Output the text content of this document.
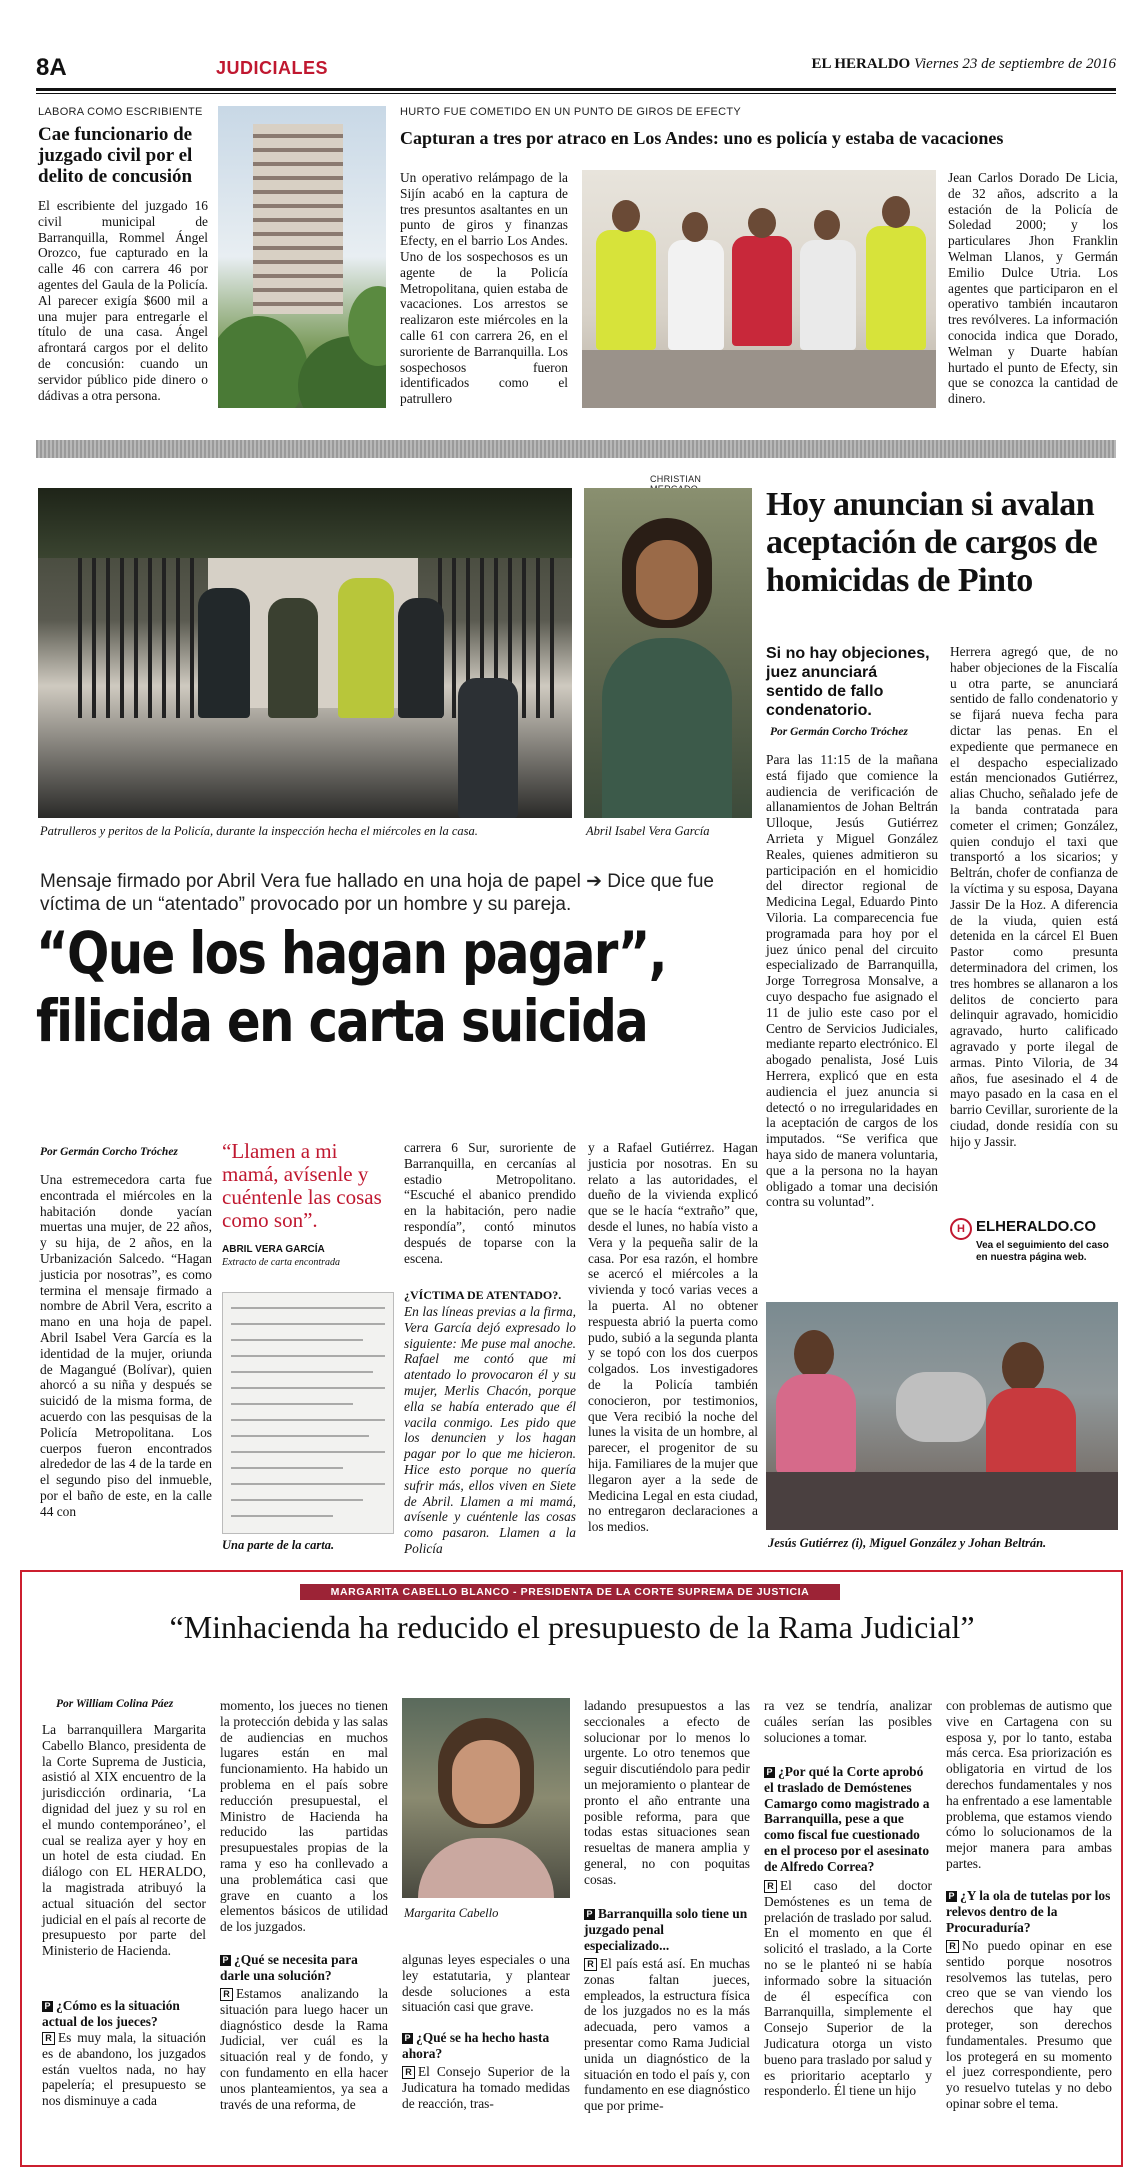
8A	JUDICIALES	EL HERALDO Viernes 23 de septiembre de 2016
LABORA COMO ESCRIBIENTE
Cae funcionario de juzgado civil por el delito de concusión
El escribiente del juzgado 16 civil municipal de Barranquilla, Rommel Ángel Orozco, fue capturado en la calle 46 con carrera 46 por agentes del Gaula de la Policía. Al parecer exigía $600 mil a una mujer para entregarle el título de una casa. Ángel afrontará cargos por el delito de concusión: cuando un servidor público pide dinero o dádivas a otra persona.
HURTO FUE COMETIDO EN UN PUNTO DE GIROS DE EFECTY
Capturan a tres por atraco en Los Andes: uno es policía y estaba de vacaciones
Un operativo relámpago de la Sijín acabó en la captura de tres presuntos asaltantes en un punto de giros y finanzas Efecty, en el barrio Los Andes. Uno de los sospechosos es un agente de la Policía Metropolitana, quien estaba de vacaciones. Los arrestos se realizaron este miércoles en la calle 61 con carrera 26, en el suroriente de Barranquilla. Los sospechosos fueron identificados como el patrullero
Jean Carlos Dorado De Licia, de 32 años, adscrito a la estación de la Policía de Soledad 2000; y los particulares Jhon Franklin Welman Llanos, y Germán Emilio Dulce Utria. Los agentes que participaron en el operativo también incautaron tres revólveres. La información conocida indica que Dorado, Welman y Duarte habían hurtado el punto de Efecty, sin que se conozca la cantidad de dinero.
CHRISTIAN
Patrulleros y peritos de la Policía, durante la inspección hecha el miércoles en la casa.	Abril Isabel Vera García
Mensaje firmado por Abril Vera fue hallado en una hoja de papel ➔ Dice que fue víctima de un “atentado” provocado por un hombre y su pareja.
“Que los hagan pagar”,
filicida en carta suicida
Por Germán Corcho Tróchez
Una estremecedora carta fue encontrada el miércoles en la habitación donde yacían muertas una mujer, de 22 años, y su hija, de 2 años, en la Urbanización Salcedo. “Hagan justicia por nosotras”, es como termina el mensaje firmado a nombre de Abril Vera, escrito a mano en una hoja de papel. Abril Isabel Vera García es la identidad de la mujer, oriunda de Magangué (Bolívar), quien ahorcó a su niña y después se suicidó de la misma forma, de acuerdo con las pesquisas de la Policía Metropolitana. Los cuerpos fueron encontrados alrededor de las 4 de la tarde en el segundo piso del inmueble, por el baño de este, en la calle 44 con
“Llamen a mi mamá, avísenle y cuéntenle las cosas como son”.
ABRIL VERA GARCÍA
Extracto de carta encontrada
Una parte de la carta.
carrera 6 Sur, suroriente de Barranquilla, en cercanías al estadio Metropolitano. “Escuché el abanico prendido en la habitación, pero nadie respondía”, contó minutos después de toparse con la escena.
¿VÍCTIMA DE ATENTADO?.
En las líneas previas a la firma, Vera García dejó expresado lo siguiente: Me puse mal anoche. Rafael me contó que mi atentado lo provocaron él y su mujer, Merlis Chacón, porque ella se había enterado que él vacila conmigo. Les pido que los denuncien y los hagan pagar por lo que me hicieron. Hice esto porque no quería sufrir más, ellos viven en Siete de Abril. Llamen a mi mamá, avísenle y cuéntenle las cosas como pasaron. Llamen a la Policía
y a Rafael Gutiérrez. Hagan justicia por nosotras. En su relato a las autoridades, el dueño de la vivienda explicó que se le hacía “extraño” que, desde el lunes, no había visto a Vera y la pequeña salir de la casa. Por esa razón, el hombre se acercó el miércoles a la vivienda y tocó varias veces a la puerta. Al no obtener respuesta abrió la puerta como pudo, subió a la segunda planta y se topó con los dos cuerpos colgados. Los investigadores de la Policía también conocieron, por testimonios, que Vera recibió la noche del lunes la visita de un hombre, al parecer, el progenitor de su hija. Familiares de la mujer que llegaron ayer a la sede de Medicina Legal en esta ciudad, no entregaron declaraciones a los medios.
Hoy anuncian si avalan aceptación de cargos de homicidas de Pinto
Si no hay objeciones, juez anunciará sentido de fallo condenatorio.
Por Germán Corcho Tróchez
Para las 11:15 de la mañana está fijado que comience la audiencia de verificación de allanamientos de Johan Beltrán Ulloque, Jesús Gutiérrez Arrieta y Miguel González Reales, quienes admitieron su participación en el homicidio del director regional de Medicina Legal, Eduardo Pinto Viloria. La comparecencia fue programada para hoy por el juez único penal del circuito especializado de Barranquilla, Jorge Torregrosa Monsalve, a cuyo despacho fue asignado el 11 de julio este caso por el Centro de Servicios Judiciales, mediante reparto electrónico. El abogado penalista, José Luis Herrera, explicó que en esta audiencia el juez anuncia si detectó o no irregularidades en la aceptación de cargos de los imputados. “Se verifica que haya sido de manera voluntaria, que a la persona no la hayan obligado a tomar una decisión contra su voluntad”.
Herrera agregó que, de no haber objeciones de la Fiscalía u otra parte, se anunciará sentido de fallo condenatorio y se fijará nueva fecha para dictar las penas. En el expediente que permanece en el despacho especializado están mencionados Gutiérrez, alias Chucho, señalado jefe de la banda contratada para cometer el crimen; González, quien condujo el taxi que transportó a los sicarios; y Beltrán, chofer de confianza de la víctima y su esposa, Dayana Jassir De la Hoz. A diferencia de la viuda, quien está detenida en la cárcel El Buen Pastor como presunta determinadora del crimen, los tres hombres se allanaron a los delitos de concierto para delinquir agravado, homicidio agravado, hurto calificado agravado y porte ilegal de armas. Pinto Viloria, de 34 años, fue asesinado el 4 de mayo pasado en la casa en el barrio Cevillar, suroriente de la ciudad, donde residía con su hijo y Jassir.
H ELHERALDO.CO
Vea el seguimiento del caso en nuestra página web.
Jesús Gutiérrez (i), Miguel González y Johan Beltrán.
MARGARITA CABELLO BLANCO - PRESIDENTA DE LA CORTE SUPREMA DE JUSTICIA
“Minhacienda ha reducido el presupuesto de la Rama Judicial”
Por William Colina Páez
La barranquillera Margarita Cabello Blanco, presidenta de la Corte Suprema de Justicia, asistió al XIX encuentro de la jurisdicción ordinaria, ‘La dignidad del juez y su rol en el mundo contemporáneo’, el cual se realiza ayer y hoy en un hotel de esta ciudad. En diálogo con EL HERALDO, la magistrada atribuyó la actual situación del sector judicial en el país al recorte de presupuesto por parte del Ministerio de Hacienda.
P ¿Cómo es la situación actual de los jueces?
R Es muy mala, la situación es de abandono, los juzgados están vueltos nada, no hay papelería; el presupuesto se nos disminuye a cada
momento, los jueces no tienen la protección debida y las salas de audiencias en muchos lugares están en mal funcionamiento. Ha habido un problema en el país sobre reducción presupuestal, el Ministro de Hacienda ha reducido las partidas presupuestales propias de la rama y eso ha conllevado a una problemática casi que grave en cuanto a los elementos básicos de utilidad de los juzgados.
P ¿Qué se necesita para darle una solución?
R Estamos analizando la situación para luego hacer un diagnóstico desde la Rama Judicial, ver cuál es la situación real y de fondo, y con fundamento en ella hacer unos planteamientos, ya sea a través de una reforma, de
Margarita Cabello
algunas leyes especiales o una ley estatutaria, y plantear desde soluciones a esta situación casi que grave.
P ¿Qué se ha hecho hasta ahora?
R El Consejo Superior de la Judicatura ha tomado medidas de reacción, tras-
ladando presupuestos a las seccionales a efecto de solucionar por lo menos lo urgente. Lo otro tenemos que seguir discutiéndolo para pedir un mejoramiento o plantear de pronto el año entrante una posible reforma, para que todas estas situaciones sean resueltas de manera amplia y general, no con poquitas cosas.
P Barranquilla solo tiene un juzgado penal especializado...
R El país está así. En muchas zonas faltan jueces, empleados, la estructura física de los juzgados no es la más adecuada, pero vamos a presentar como Rama Judicial unida un diagnóstico de la situación en todo el país y, con fundamento en ese diagnóstico que por prime-
ra vez se tendría, analizar cuáles serían las posibles soluciones a tomar.
P ¿Por qué la Corte aprobó el traslado de Demóstenes Camargo como magistrado a Barranquilla, pese a que como fiscal fue cuestionado en el proceso por el asesinato de Alfredo Correa?
R El caso del doctor Demóstenes es un tema de prelación de traslado por salud. En el momento en que él solicitó el traslado, a la Corte no se le planteó ni se había informado sobre la situación de él específica con Barranquilla, simplemente el Consejo Superior de la Judicatura otorga un visto bueno para traslado por salud y es prioritario aceptarlo y responderlo. Él tiene un hijo
con problemas de autismo que vive en Cartagena con su esposa y, por lo tanto, estaba más cerca. Esa priorización es obligatoria en virtud de los derechos fundamentales y nos ha enfrentado a ese lamentable problema, que estamos viendo cómo lo solucionamos de la mejor manera para ambas partes.
P ¿Y la ola de tutelas por los relevos dentro de la Procuraduría?
R No puedo opinar en ese sentido porque nosotros resolvemos las tutelas, pero creo que se van viendo los derechos que hay que proteger, son derechos fundamentales. Presumo que los protegerá en su momento el juez correspondiente, pero yo resuelvo tutelas y no debo opinar sobre el tema.
